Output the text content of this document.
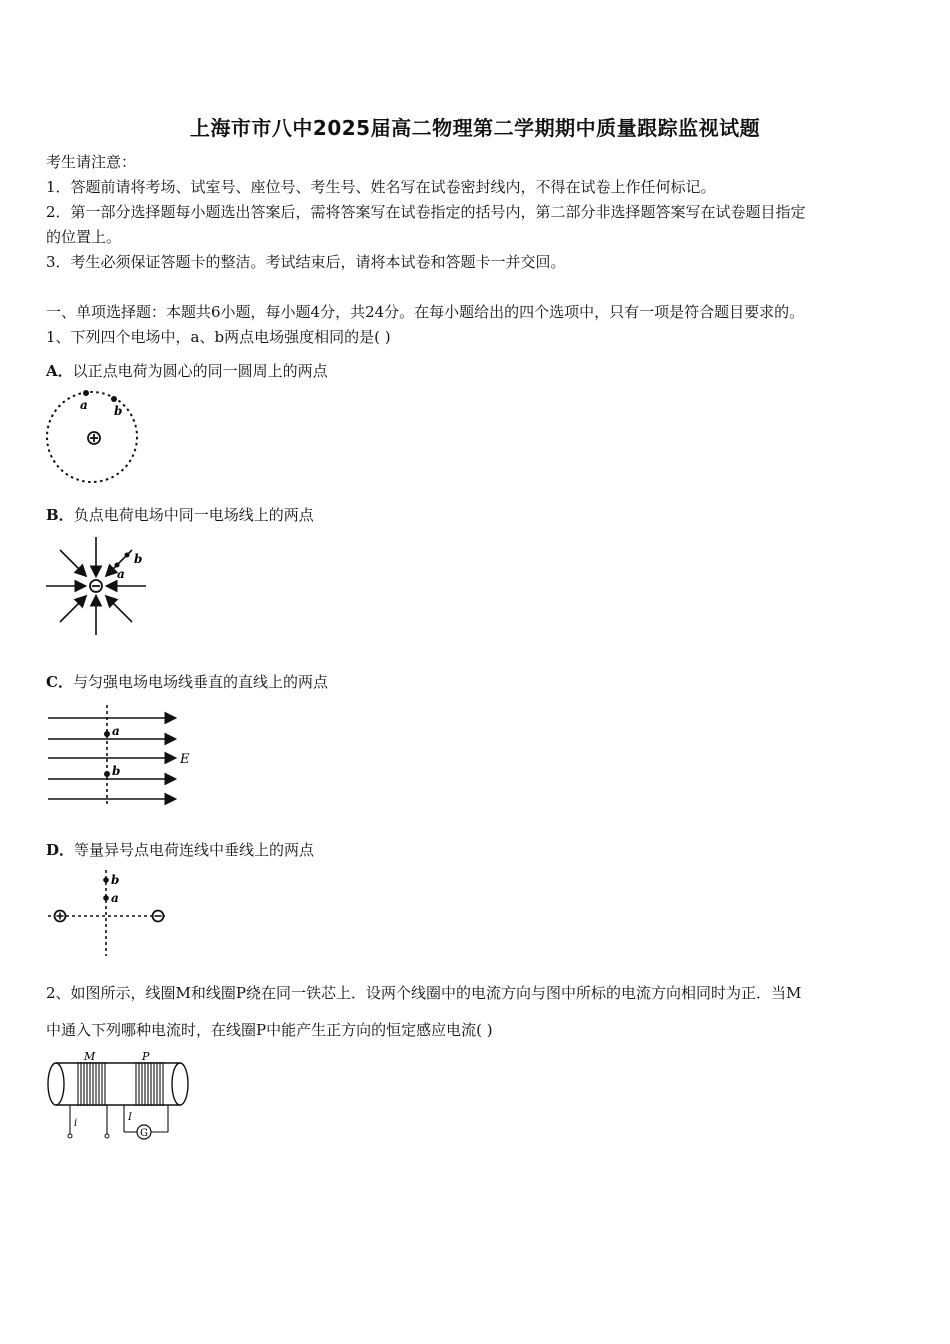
上海市市八中2025届高二物理第二学期期中质量跟踪监视试题
考生请注意：
1．答题前请将考场、试室号、座位号、考生号、姓名写在试卷密封线内，不得在试卷上作任何标记。
2．第一部分选择题每小题选出答案后，需将答案写在试卷指定的括号内，第二部分非选择题答案写在试卷题目指定
的位置上。
3．考生必须保证答题卡的整洁。考试结束后，请将本试卷和答题卡一并交回。
一、单项选择题：本题共6小题，每小题4分，共24分。在每小题给出的四个选项中，只有一项是符合题目要求的。
1、下列四个电场中，a、b两点电场强度相同的是( )
A．以正点电荷为圆心的同一圆周上的两点
a b
B．负点电荷电场中同一电场线上的两点
a
b
C．与匀强电场电场线垂直的直线上的两点
a
b
E
D．等量异号点电荷连线中垂线上的两点
b
a
2、如图所示，线圈M和线圈P绕在同一铁芯上．设两个线圈中的电流方向与图中所标的电流方向相同时为正．当M
中通入下列哪种电流时，在线圈P中能产生正方向的恒定感应电流( )
M	P
i
I
G
